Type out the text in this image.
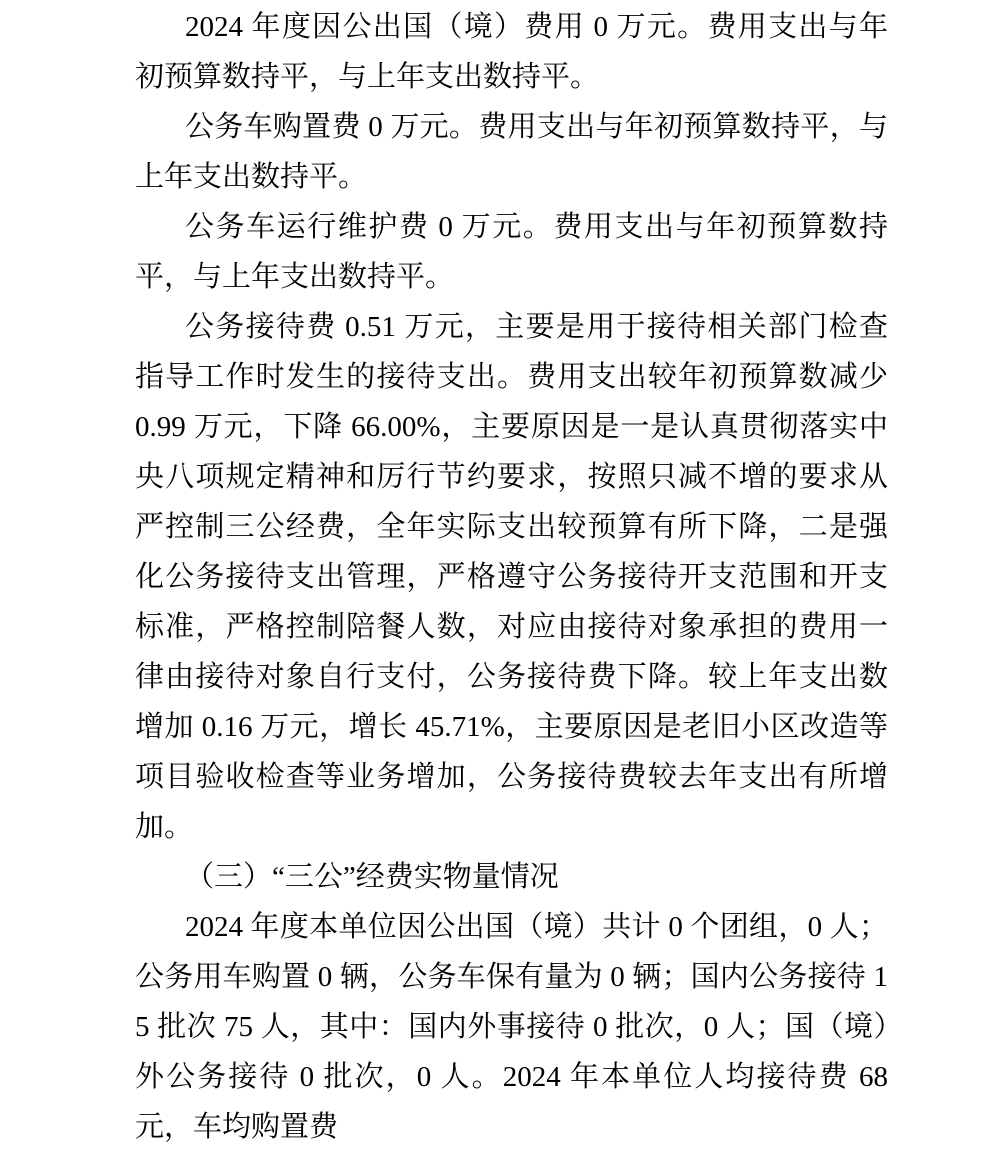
2024 年度因公出国（境）费用 0 万元。费用支出与年初预算数持平，与上年支出数持平。

公务车购置费 0 万元。费用支出与年初预算数持平，与上年支出数持平。

公务车运行维护费 0 万元。费用支出与年初预算数持平，与上年支出数持平。

公务接待费 0.51 万元，主要是用于接待相关部门检查指导工作时发生的接待支出。费用支出较年初预算数减少 0.99 万元，下降 66.00%，主要原因是一是认真贯彻落实中央八项规定精神和厉行节约要求，按照只减不增的要求从严控制三公经费，全年实际支出较预算有所下降，二是强化公务接待支出管理，严格遵守公务接待开支范围和开支标准，严格控制陪餐人数，对应由接待对象承担的费用一律由接待对象自行支付，公务接待费下降。较上年支出数增加 0.16 万元，增长 45.71%，主要原因是老旧小区改造等项目验收检查等业务增加，公务接待费较去年支出有所增加。

（三）“三公”经费实物量情况

2024 年度本单位因公出国（境）共计 0 个团组，0 人；公务用车购置 0 辆，公务车保有量为 0 辆；国内公务接待 15 批次 75 人，其中：国内外事接待 0 批次，0 人；国（境）外公务接待 0 批次，0 人。2024 年本单位人均接待费 68 元，车均购置费
